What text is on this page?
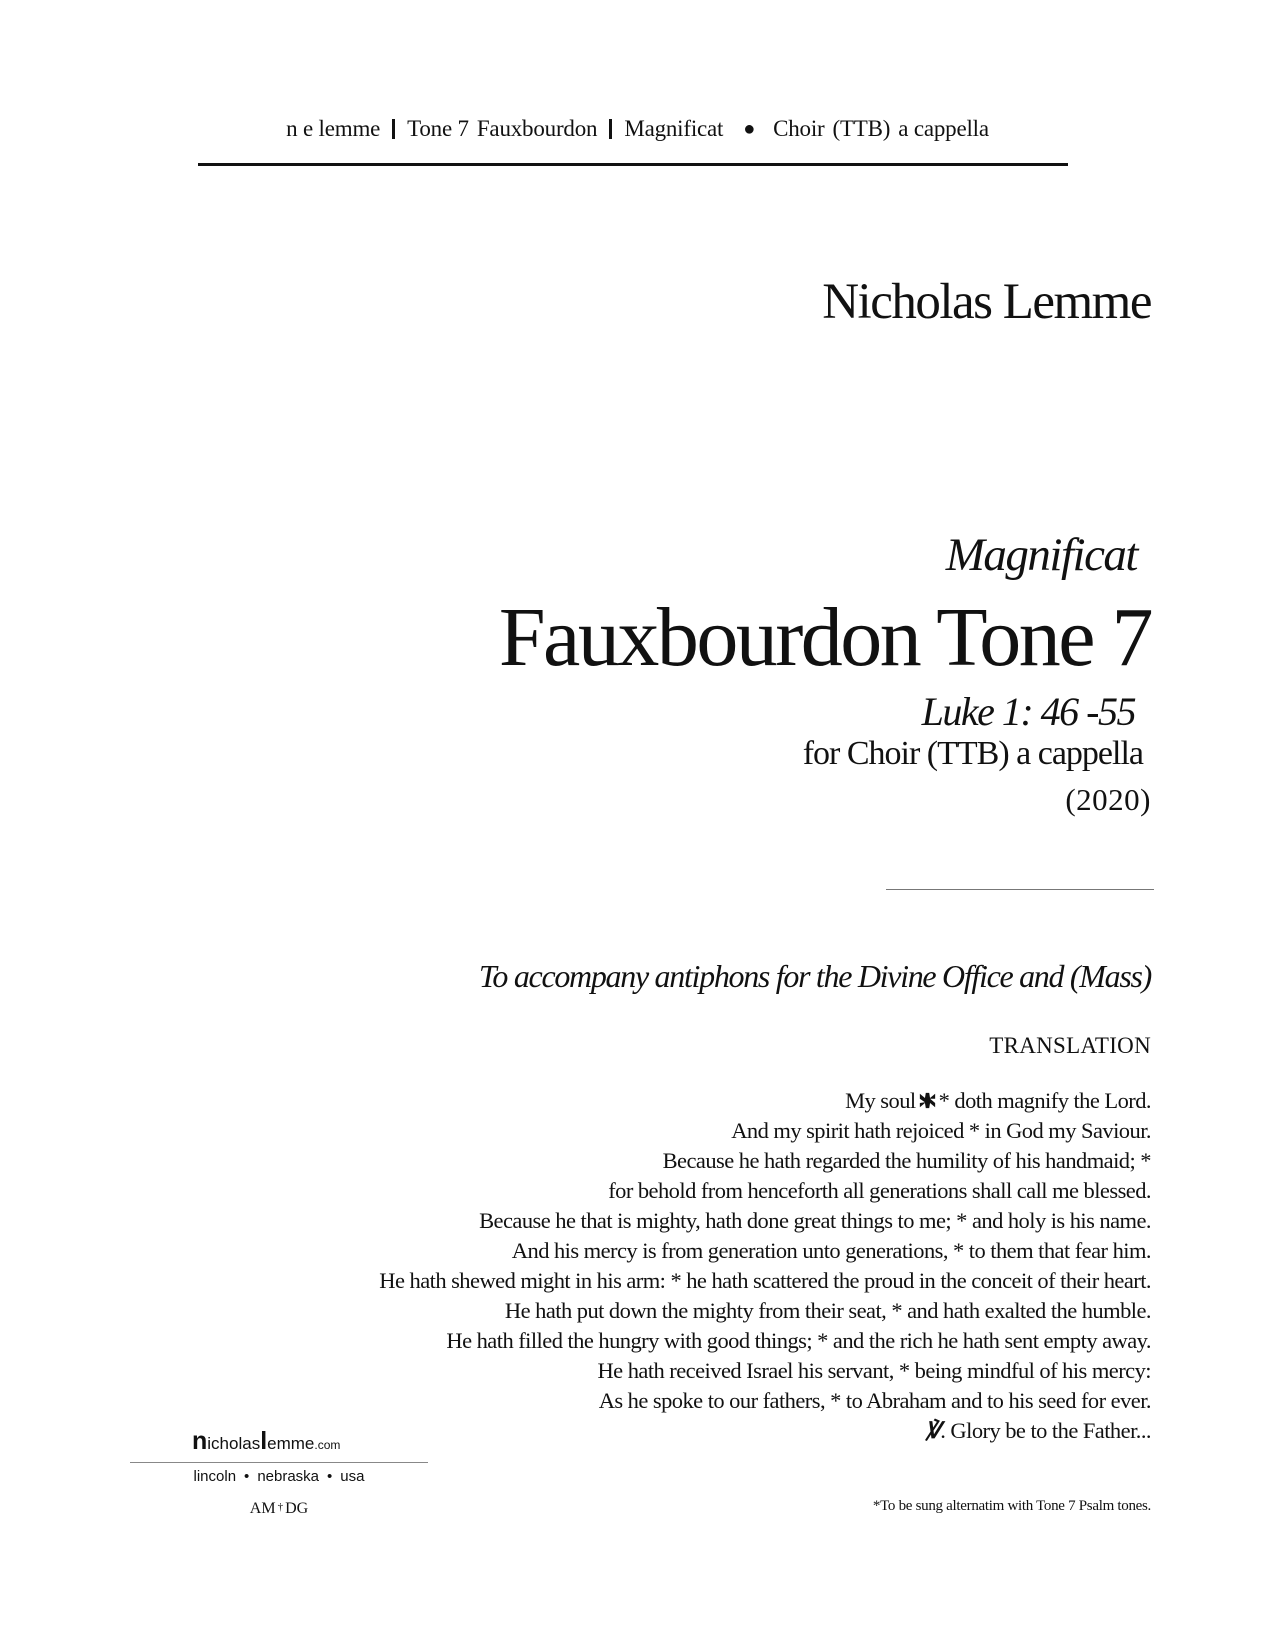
n e lemme Tone 7 Fauxbourdon Magnificat ● Choir (TTB) a cappella
Nicholas Lemme
Magnificat
Fauxbourdon Tone 7
Luke 1: 46 -55
for Choir (TTB) a cappella
(2020)
To accompany antiphons for the Divine Office and (Mass)
TRANSLATION
My soul * doth magnify the Lord.
And my spirit hath rejoiced * in God my Saviour.
Because he hath regarded the humility of his handmaid; *
for behold from henceforth all generations shall call me blessed.
Because he that is mighty, hath done great things to me; * and holy is his name.
And his mercy is from generation unto generations, * to them that fear him.
He hath shewed might in his arm: * he hath scattered the proud in the conceit of their heart.
He hath put down the mighty from their seat, * and hath exalted the humble.
He hath filled the hungry with good things; * and the rich he hath sent empty away.
He hath received Israel his servant, * being mindful of his mercy:
As he spoke to our fathers, * to Abraham and to his seed for ever.
℣. Glory be to the Father...
*To be sung alternatim with Tone 7 Psalm tones.
nicholaslemme.com
lincoln • nebraska • usa
AM † DG
